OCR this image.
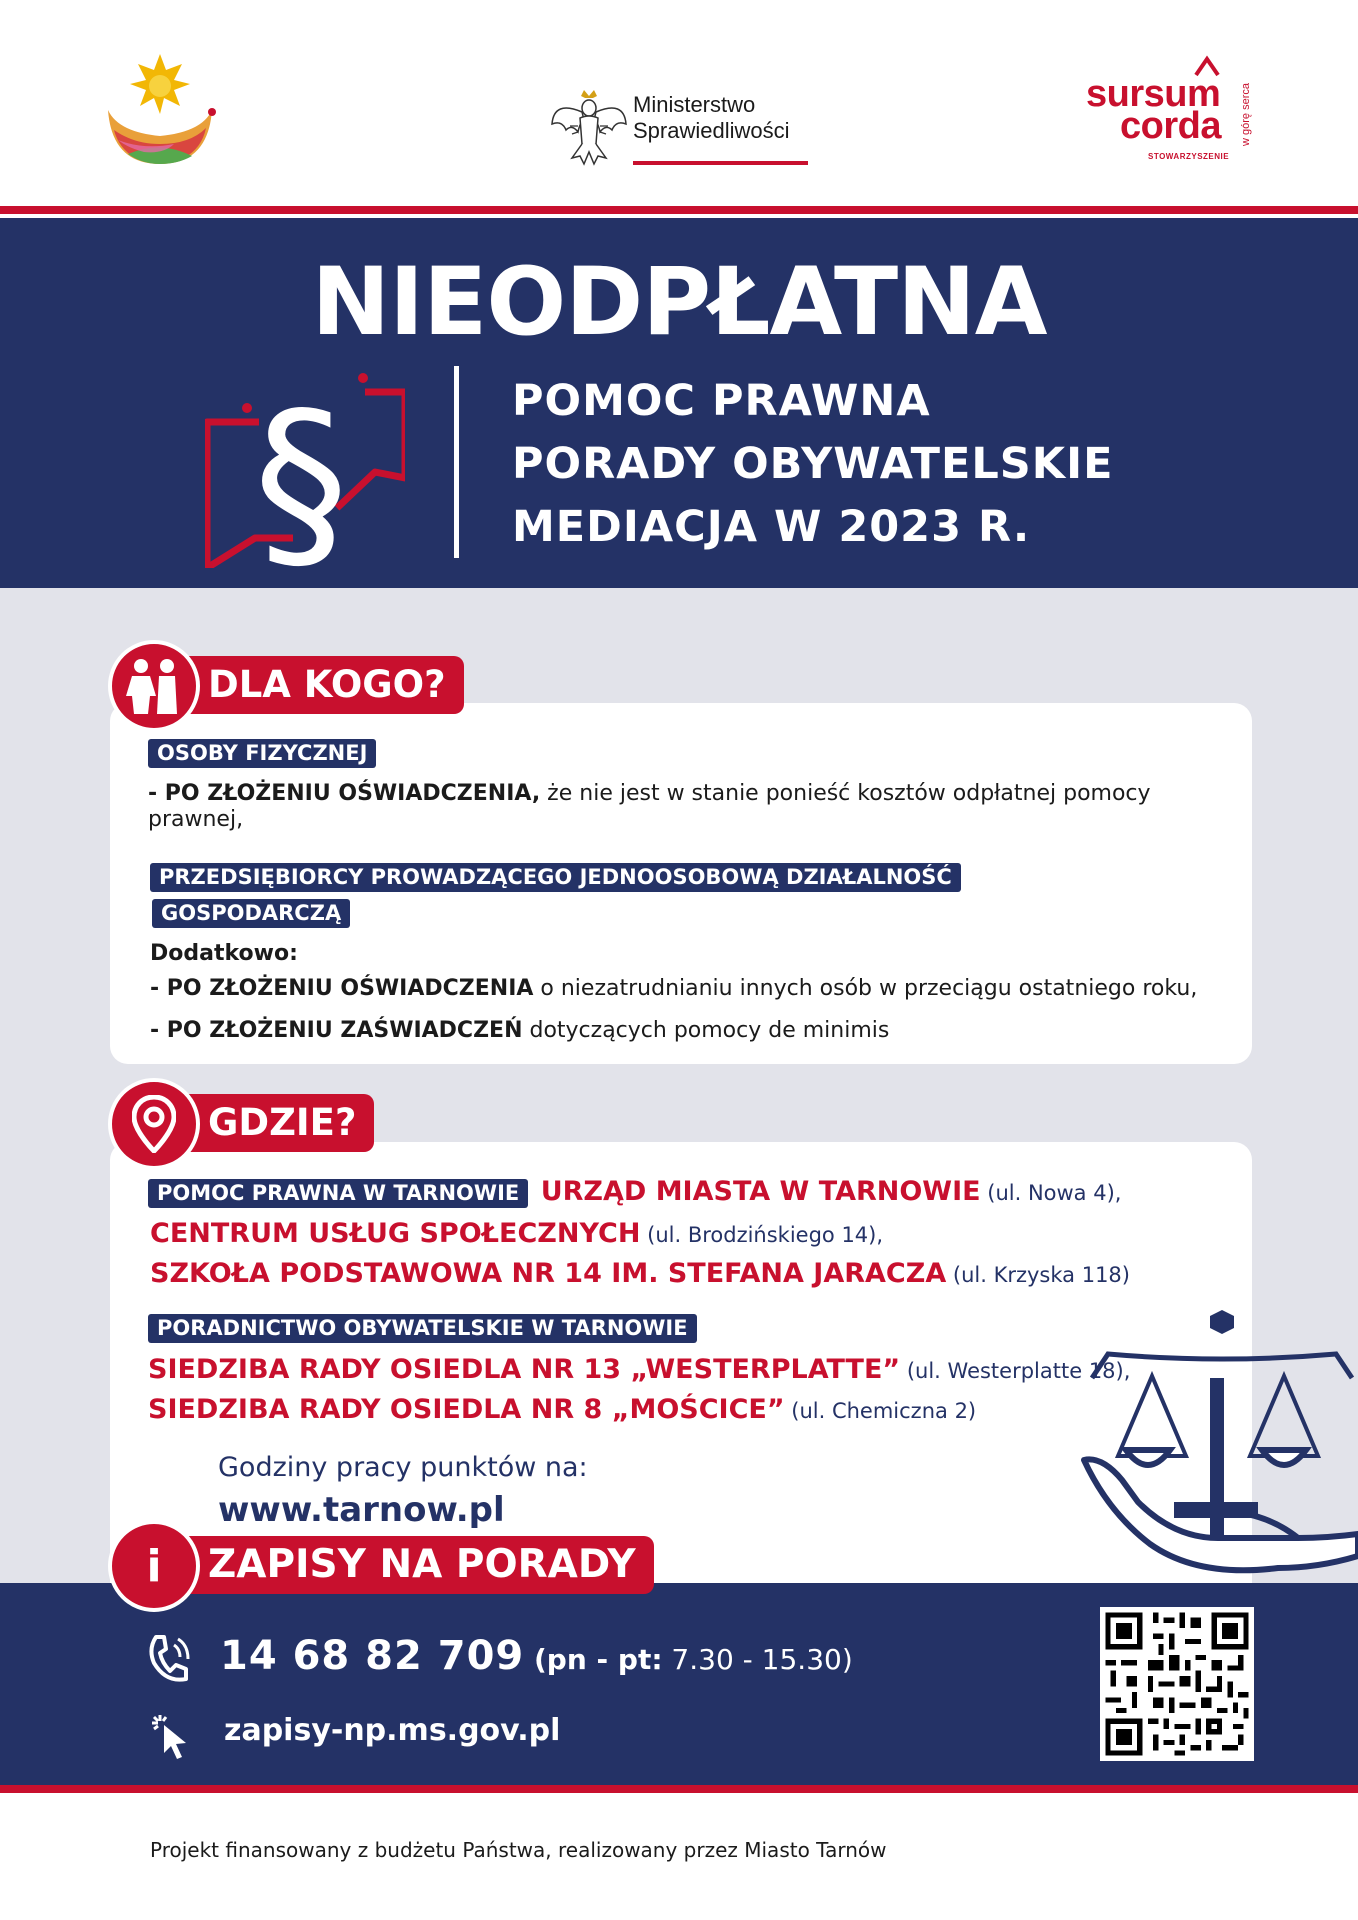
Ministerstwo
Sprawiedliwości
sursum
corda
STOWARZYSZENIE
w górę serca
NIEODPŁATNA
§	POMOC PRAWNA
PORADY OBYWATELSKIE
MEDIACJA W 2023 R.
OSOBY FIZYCZNEJ
- PO ZŁOŻENIU OŚWIADCZENIA, że nie jest w stanie ponieść kosztów odpłatnej pomocy prawnej,
PRZEDSIĘBIORCY PROWADZĄCEGO JEDNOOSOBOWĄ DZIAŁALNOŚĆ
GOSPODARCZĄ
Dodatkowo:
- PO ZŁOŻENIU OŚWIADCZENIA o niezatrudnianiu innych osób w przeciągu ostatniego roku,
- PO ZŁOŻENIU ZAŚWIADCZEŃ dotyczących pomocy de minimis
DLA KOGO?
POMOC PRAWNA W TARNOWIE URZĄD MIASTA W TARNOWIE (ul. Nowa 4),
CENTRUM USŁUG SPOŁECZNYCH (ul. Brodzińskiego 14),
SZKOŁA PODSTAWOWA NR 14 IM. STEFANA JARACZA (ul. Krzyska 118)
PORADNICTWO OBYWATELSKIE W TARNOWIE
SIEDZIBA RADY OSIEDLA NR 13 „WESTERPLATTE” (ul. Westerplatte 18),
SIEDZIBA RADY OSIEDLA NR 8 „MOŚCICE” (ul. Chemiczna 2)
Godziny pracy punktów na:
www.tarnow.pl
GDZIE?
14 68 82 709 (pn - pt: 7.30 - 15.30)
zapisy-np.ms.gov.pl
i	ZAPISY NA PORADY
Projekt finansowany z budżetu Państwa, realizowany przez Miasto Tarnów
